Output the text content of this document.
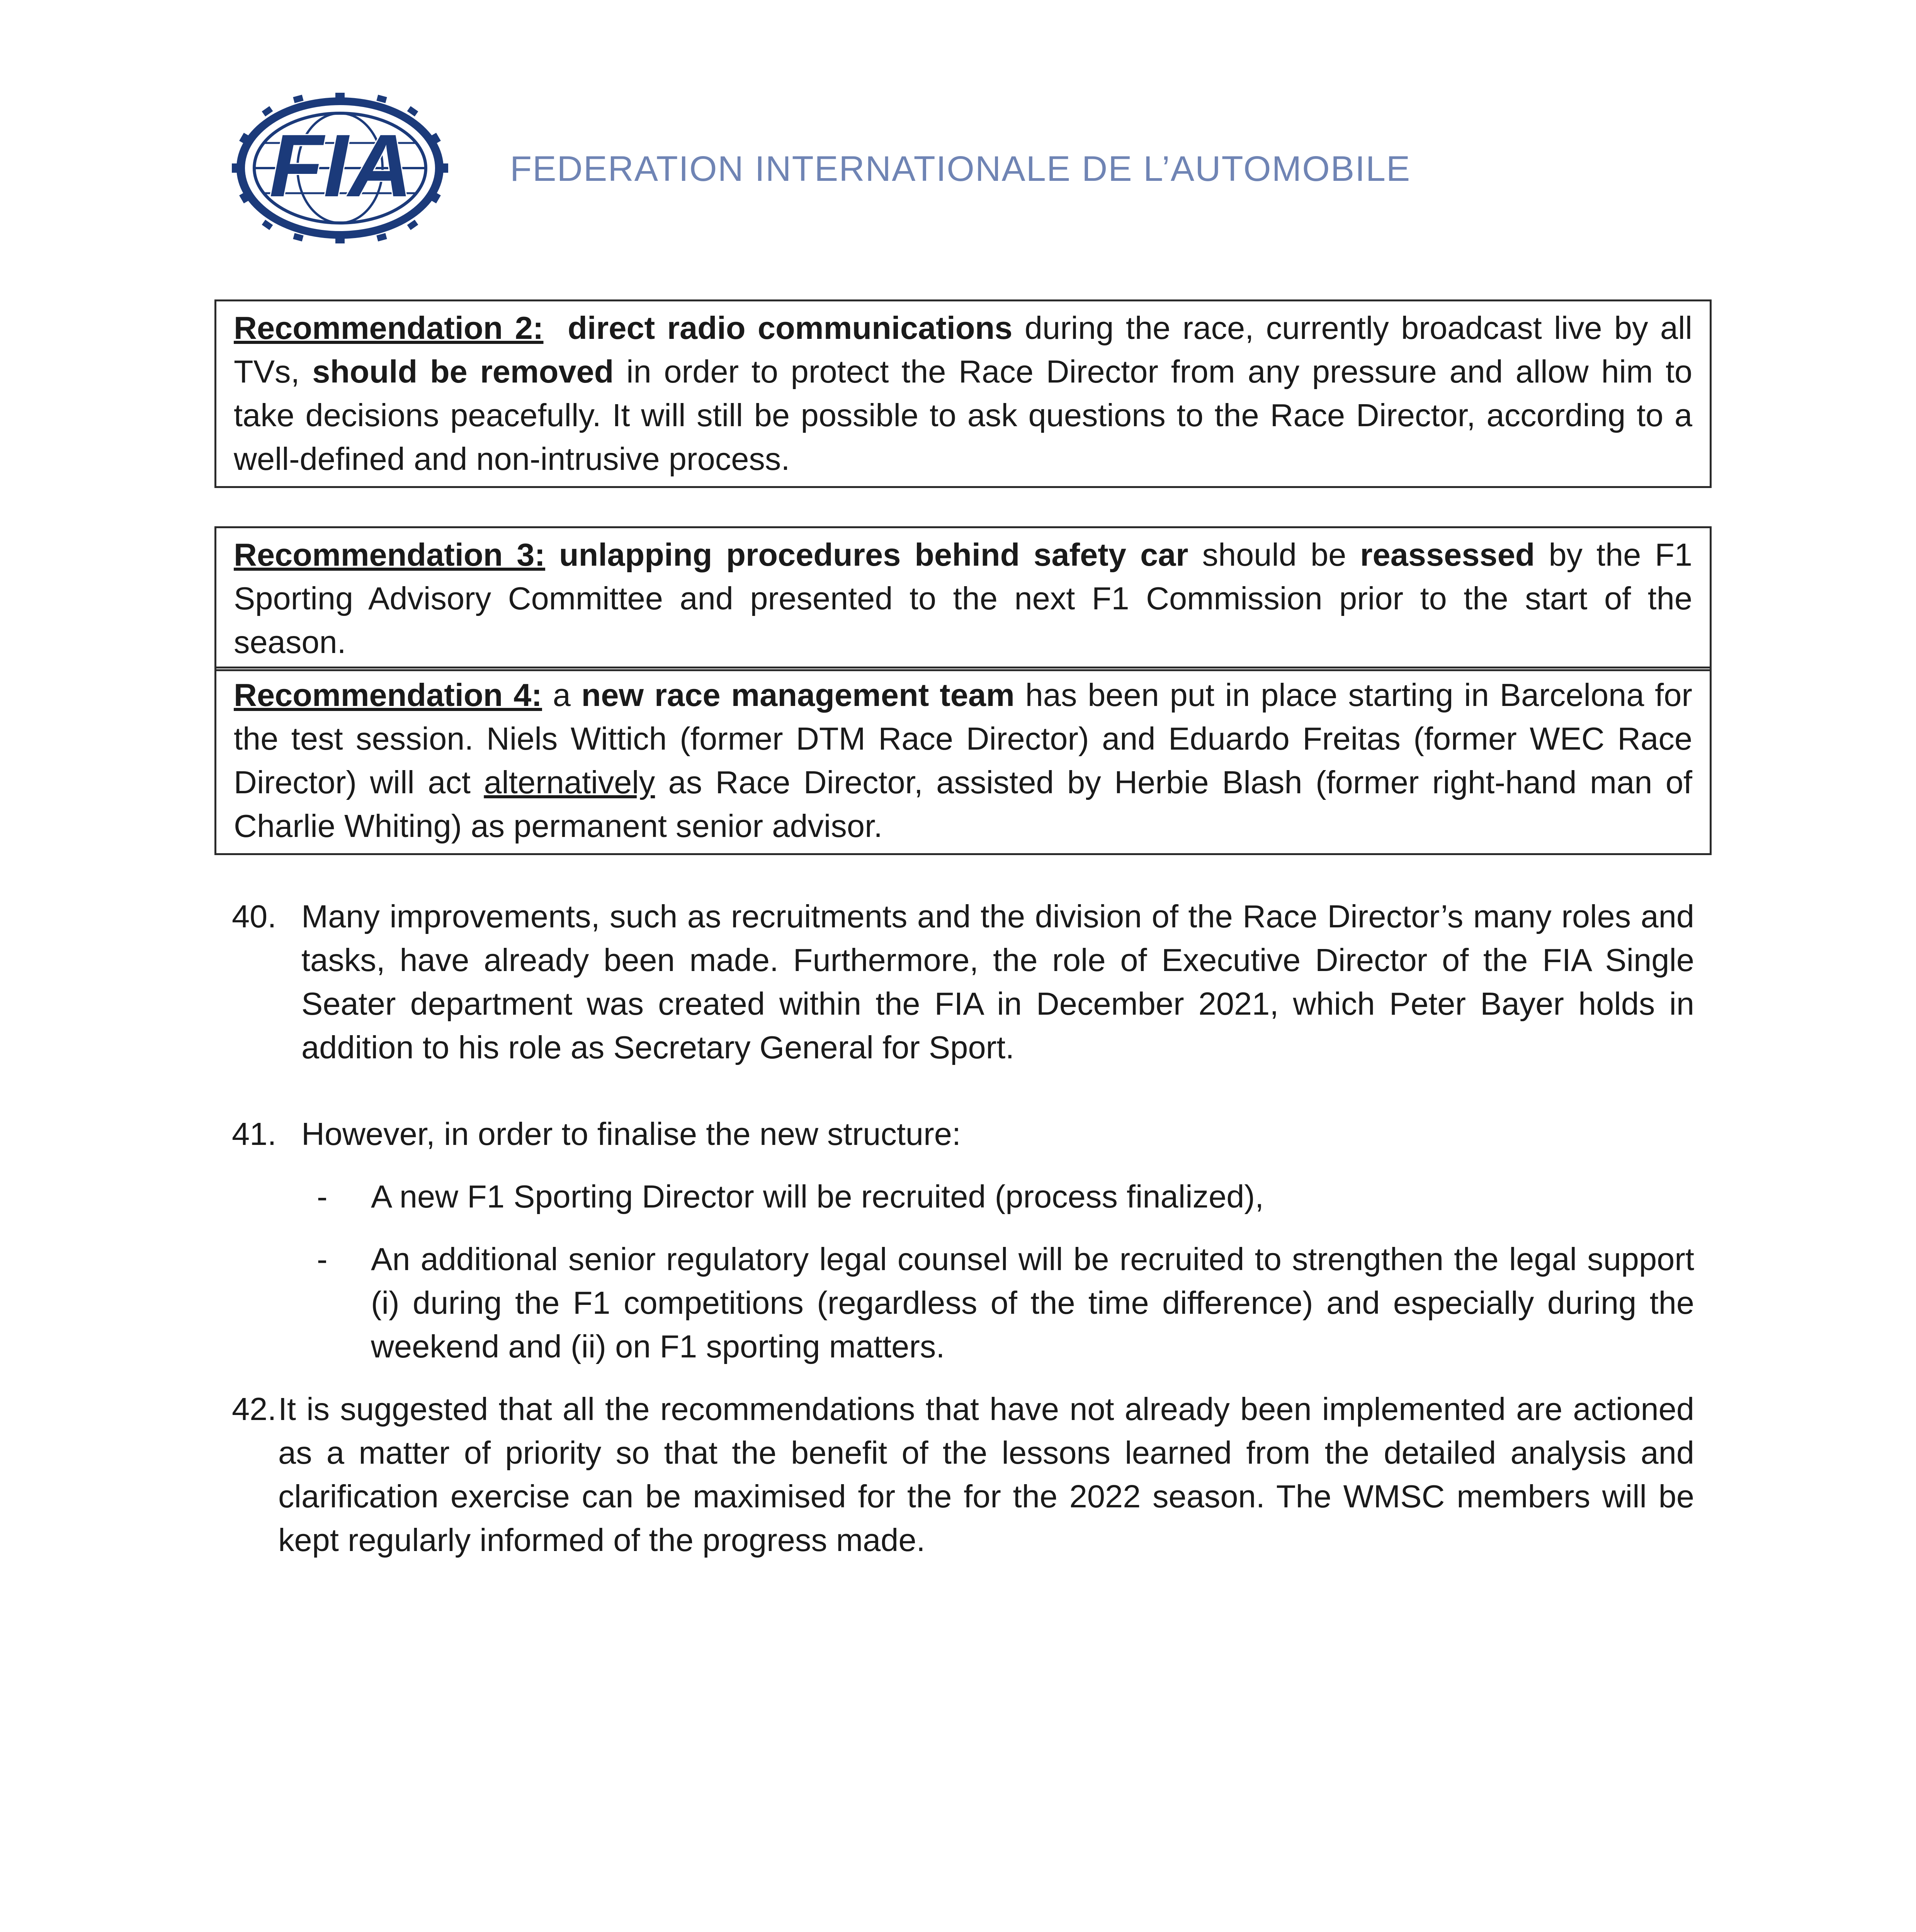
FIA	FEDERATION INTERNATIONALE DE L’AUTOMOBILE

Recommendation 2: direct radio communications during the race, currently broadcast live by all TVs, should be removed in order to protect the Race Director from any pressure and allow him to take decisions peacefully. It will still be possible to ask questions to the Race Director, according to a well-defined and non-intrusive process.

Recommendation 3: unlapping procedures behind safety car should be reassessed by the F1 Sporting Advisory Committee and presented to the next F1 Commission prior to the start of the season.

Recommendation 4: a new race management team has been put in place starting in Barcelona for the test session. Niels Wittich (former DTM Race Director) and Eduardo Freitas (former WEC Race Director) will act alternatively as Race Director, assisted by Herbie Blash (former right-hand man of Charlie Whiting) as permanent senior advisor.

40. Many improvements, such as recruitments and the division of the Race Director’s many roles and tasks, have already been made. Furthermore, the role of Executive Director of the FIA Single Seater department was created within the FIA in December 2021, which Peter Bayer holds in addition to his role as Secretary General for Sport.
41. However, in order to finalise the new structure:
- A new F1 Sporting Director will be recruited (process finalized),
- An additional senior regulatory legal counsel will be recruited to strengthen the legal support (i) during the F1 competitions (regardless of the time difference) and especially during the weekend and (ii) on F1 sporting matters.
42. It is suggested that all the recommendations that have not already been implemented are actioned as a matter of priority so that the benefit of the lessons learned from the detailed analysis and clarification exercise can be maximised for the for the 2022 season. The WMSC members will be kept regularly informed of the progress made.
